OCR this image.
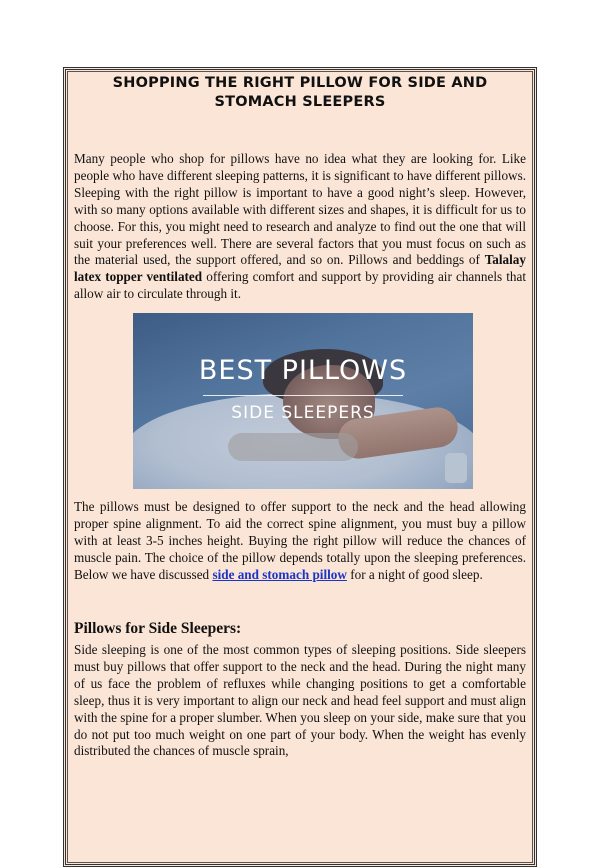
SHOPPING THE RIGHT PILLOW FOR SIDE AND
STOMACH SLEEPERS

Many people who shop for pillows have no idea what they are looking for. Like people who have different sleeping patterns, it is significant to have different pillows. Sleeping with the right pillow is important to have a good night’s sleep. However, with so many options available with different sizes and shapes, it is difficult for us to choose. For this, you might need to research and analyze to find out the one that will suit your preferences well. There are several factors that you must focus on such as the material used, the support offered, and so on. Pillows and beddings of Talalay latex topper ventilated offering comfort and support by providing air channels that allow air to circulate through it.

BEST PILLOWS
SIDE SLEEPERS

The pillows must be designed to offer support to the neck and the head allowing proper spine alignment. To aid the correct spine alignment, you must buy a pillow with at least 3-5 inches height. Buying the right pillow will reduce the chances of muscle pain. The choice of the pillow depends totally upon the sleeping preferences. Below we have discussed side and stomach pillow for a night of good sleep.

Pillows for Side Sleepers:

Side sleeping is one of the most common types of sleeping positions. Side sleepers must buy pillows that offer support to the neck and the head. During the night many of us face the problem of refluxes while changing positions to get a comfortable sleep, thus it is very important to align our neck and head feel support and must align with the spine for a proper slumber. When you sleep on your side, make sure that you do not put too much weight on one part of your body. When the weight has evenly distributed the chances of muscle sprain,
